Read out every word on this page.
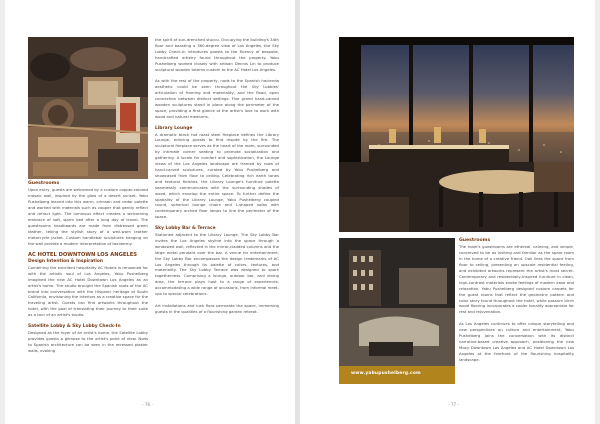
Guestrooms

Upon entry, guests are welcomed by a custom copper-colored mosaic wall, inspired by the glow of a desert sunset. Yabu Pushelberg leaned into this warm, crimson and cedar palette and worked with materials such as copper that gently reflect and refract light. The luminous effect creates a welcoming embrace of soft, warm bed after a long day of travel. The guestrooms headboards are made from distressed green leather, telling the stylish story of a well-worn leather motorcycle jacket. Custom handlebar sculptures hanging on the wall provide a modern interpretation of taxidermy.

AC HOTEL DOWNTOWN LOS ANGELES
Design Intention & Inspiration

Combining the excellent hospitality AC Hotels is renowned for with the artistic soul of Los Angeles, Yabu Pushelberg imagined the new AC Hotel Downtown Los Angeles as an artist's home. The studio brought the Spanish roots of the AC brand into conversation with the Hispanic heritage of South California, envisioning the interiors as a creative space for the traveling artist. Guests can find artworks throughout the hotel, with the goal of translating their journey to their suite as a tour of an artist's studio.

Satellite Lobby & Sky Lobby Check-In

Designed as the foyer of an artist's home, the Satellite Lobby provides guests a glimpse to the artist's point of view. Nods to Spanish architecture can be seen in the recessed plaster walls, evoking

the spirit of sun-drenched stucco. Occupying the building's 34th floor and boasting a 360-degree view of Los Angeles, the Sky Lobby Check-In introduces guests to the fluency of bespoke, handcrafted artistry found throughout the property. Yabu Pushelberg worked closely with artisan Dennis Lin to produce sculptural wooden totems custom to the AC Hotel Los Angeles.

As with the rest of the property, nods to the Spanish hacienda aesthetic could be seen throughout the Sky Lobbies' articulation of framing and materiality, and the flood, open connection between distinct settings. Five grand hand-carved wooden sculptures stand in place along the perimeter of the space, providing a first glance of the artist's love to work with wood and natural mediums.

Library Lounge

A dramatic black hot roast steel fireplace defines the Library Lounge, enticing guests to find respite by the fire. The sculptural fireplace serves as the heart of the room, surrounded by intimate corner seating to promote socialization and gathering. A locale for comfort and sophistication, the Lounge views of the Los Angeles landscape are framed by rows of hand-carved sculptures, curated by Yabu Pushelberg and showcased from floor to ceiling. Celebrating rich earth tones and textural finishes, the Library Lounge's furniture palette seamlessly communicates with the surrounding shades of wood, which envelop the entire space. To further define the spatiality of the Library Lounge, Yabu Pushelberg coupled round, spherical lounge chairs and L-shaped sofas with contemporary arched floor lamps to line the perimeter of the space.

Sky Lobby Bar & Terrace

Stationed adjacent to the Library Lounge, The Sky Lobby Bar invites the Los Angeles skyline into the space through a windowed wall, reflected in the mirror-cladded columns and the large metal pendant over the bar. A venue for entertainment, the Sky Lobby Bar encompasses the design trademarks of AC Los Angeles through its palette of colors, textures, and materiality. The Sky Lobby Terrace was designed to spark togetherness. Comprising a lounge, outdoor bar, and dining area, the terrace plays host to a range of experiences, accommodating a wide range of occasions, from informal meet-ups to special celebrations.

Art installations and lush flora permeate the space, immersing guests in the qualities of a flourishing garden retreat.

- 76 -
www.yabupushelberg.com
Guestrooms

The hotel's guestrooms are ethereal, calming, and simple, conceived to be as inviting and familiar as the spare room in the home of a creative friend. Oak lines the space from floor to ceiling, presenting an upscale residential feeling, and exhibited artworks represent the artist's most secret. Contemporary and residentially-inspired furniture in clean, high-contrast materials evoke feelings of modern ease and relaxation. Yabu Pushelberg designed custom carpets for the guest rooms that reflect the geometric pattern and color story found throughout the hotel, while possum birch wood flooring incorporates a cooler tonality appropriate for rest and rejuvenation.

As Los Angeles continues to offer unique storytelling and new perspectives on culture and entertainment, Yabu Pushelberg joins the conversation with its distinct narrative-based creative approach, positioning the new Moxy Downtown Los Angeles and AC Hotel Downtown Los Angeles at the forefront of the flourishing hospitality landscape.

- 77 -
